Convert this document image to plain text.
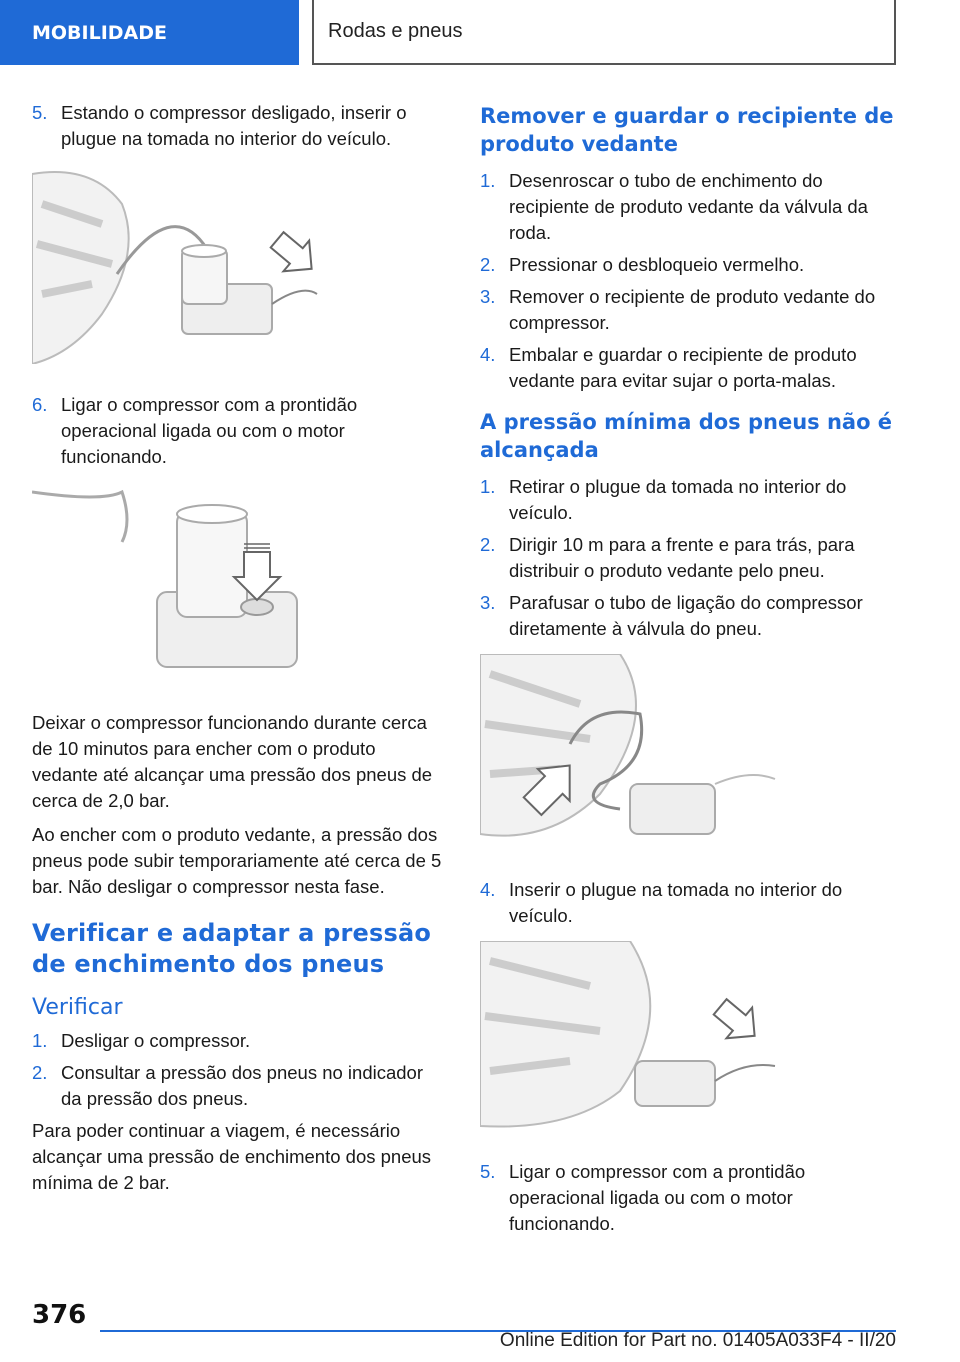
MOBILIDADE	Rodas e pneus
5. Estando o compressor desligado, inserir o plugue na tomada no interior do veículo.
6. Ligar o compressor com a prontidão operacional ligada ou com o motor funcionando.

Deixar o compressor funcionando durante cerca de 10 minutos para encher com o produto vedante até alcançar uma pressão dos pneus de cerca de 2,0 bar.

Ao encher com o produto vedante, a pressão dos pneus pode subir temporariamente até cerca de 5 bar. Não desligar o compressor nesta fase.

Verificar e adaptar a pressão de enchimento dos pneus
Verificar
1. Desligar o compressor.
2. Consultar a pressão dos pneus no indicador da pressão dos pneus.

Para poder continuar a viagem, é necessário alcançar uma pressão de enchimento dos pneus mínima de 2 bar.

Remover e guardar o recipiente de produto vedante
1. Desenroscar o tubo de enchimento do recipiente de produto vedante da válvula da roda.
2. Pressionar o desbloqueio vermelho.
3. Remover o recipiente de produto vedante do compressor.
4. Embalar e guardar o recipiente de produto vedante para evitar sujar o porta-malas.
A pressão mínima dos pneus não é alcançada
1. Retirar o plugue da tomada no interior do veículo.
2. Dirigir 10 m para a frente e para trás, para distribuir o produto vedante pelo pneu.
3. Parafusar o tubo de ligação do compressor diretamente à válvula do pneu.
4. Inserir o plugue na tomada no interior do veículo.
5. Ligar o compressor com a prontidão operacional ligada ou com o motor funcionando.
376
Online Edition for Part no. 01405A033F4 - II/20
